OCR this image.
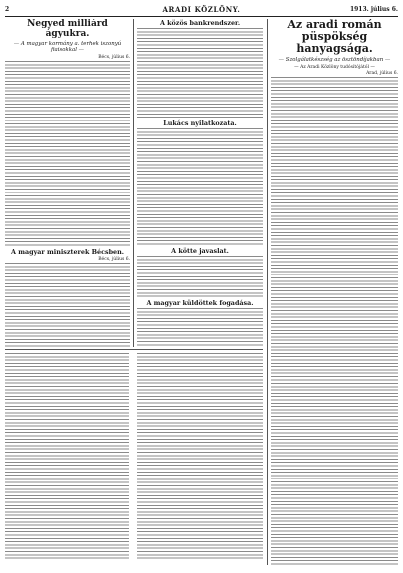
2	ARADI KÖZLÖNY.	1913. július 6.
Negyed milliárd ágyukra.
— A magyar kormány a. terhek iszonyú fiaisokkal —
Bécs, július 6.
A magyar miniszterek Bécsben.
Bécs, július 6.
A közös bankrendszer.
Lukács nyilatkozata.
A kötte javaslat.
A magyar küldöttek fogadása.
Az aradi román püspökség hanyagsága.
— Szolgálatkészség az ösztöndíjakban —
— Az Aradi Közlöny tudósítójától —
Arad, július 6.
